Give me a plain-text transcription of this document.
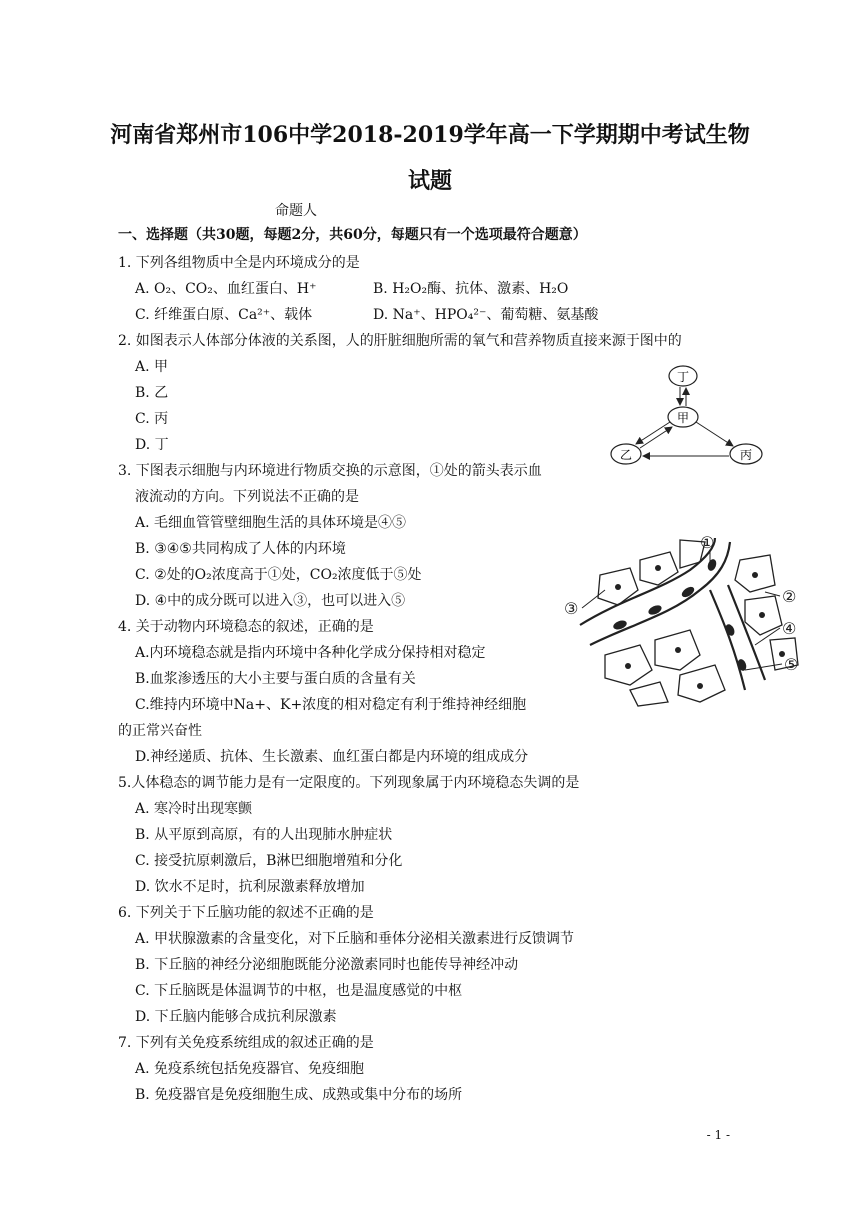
河南省郑州市106中学2018-2019学年高一下学期期中考试生物试题
命题人
一、选择题（共30题，每题2分，共60分，每题只有一个选项最符合题意）
1. 下列各组物质中全是内环境成分的是
A. O₂、CO₂、血红蛋白、H⁺	B. H₂O₂酶、抗体、激素、H₂O
C. 纤维蛋白原、Ca²⁺、载体	D. Na⁺、HPO₄²⁻、葡萄糖、氨基酸
2. 如图表示人体部分体液的关系图，人的肝脏细胞所需的氧气和营养物质直接来源于图中的
A. 甲
B. 乙
C. 丙
D. 丁
丁
甲
乙	丙
3. 下图表示细胞与内环境进行物质交换的示意图，①处的箭头表示血
液流动的方向。下列说法不正确的是
A. 毛细血管管壁细胞生活的具体环境是④⑤
B. ③④⑤共同构成了人体的内环境
C. ②处的O₂浓度高于①处，CO₂浓度低于⑤处
D. ④中的成分既可以进入③，也可以进入⑤
①
②
③
④
⑤
4. 关于动物内环境稳态的叙述，正确的是
A.内环境稳态就是指内环境中各种化学成分保持相对稳定
B.血浆渗透压的大小主要与蛋白质的含量有关
C.维持内环境中Na+、K+浓度的相对稳定有利于维持神经细胞
的正常兴奋性
D.神经递质、抗体、生长激素、血红蛋白都是内环境的组成成分
5.人体稳态的调节能力是有一定限度的。下列现象属于内环境稳态失调的是
A. 寒冷时出现寒颤
B. 从平原到高原，有的人出现肺水肿症状
C. 接受抗原刺激后，B淋巴细胞增殖和分化
D. 饮水不足时，抗利尿激素释放增加
6. 下列关于下丘脑功能的叙述不正确的是
A. 甲状腺激素的含量变化，对下丘脑和垂体分泌相关激素进行反馈调节
B. 下丘脑的神经分泌细胞既能分泌激素同时也能传导神经冲动
C. 下丘脑既是体温调节的中枢，也是温度感觉的中枢
D. 下丘脑内能够合成抗利尿激素
7. 下列有关免疫系统组成的叙述正确的是
A. 免疫系统包括免疫器官、免疫细胞
B. 免疫器官是免疫细胞生成、成熟或集中分布的场所
- 1 -
